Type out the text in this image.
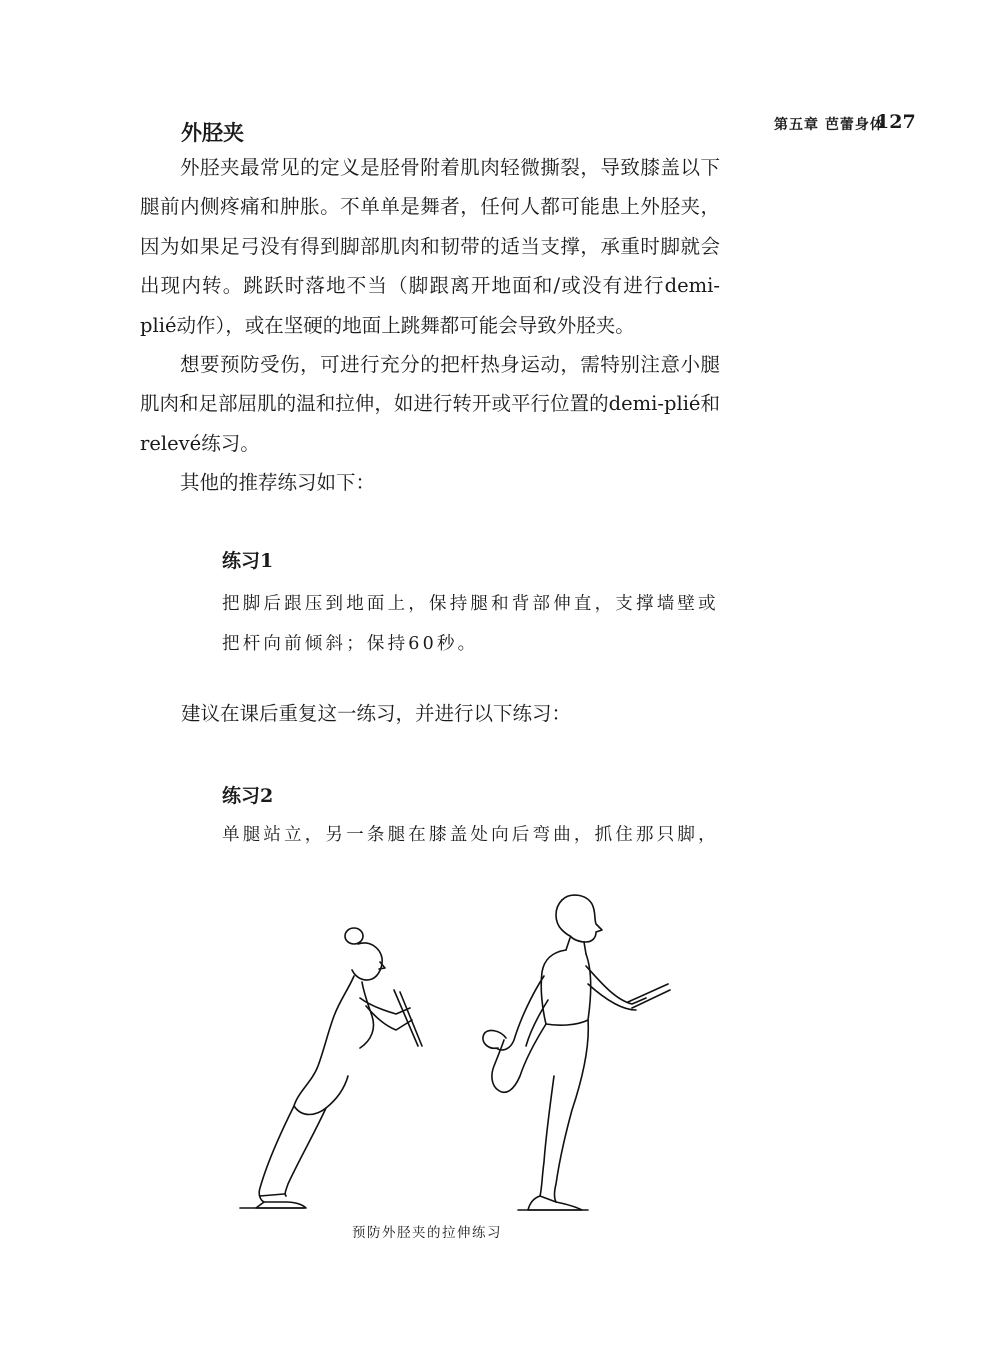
第五章 芭蕾身体
127
外胫夹

外胫夹最常见的定义是胫骨附着肌肉轻微撕裂，导致膝盖以下腿前内侧疼痛和肿胀。不单单是舞者，任何人都可能患上外胫夹，因为如果足弓没有得到脚部肌肉和韧带的适当支撑，承重时脚就会出现内转。跳跃时落地不当（脚跟离开地面和/或没有进行demi-plié动作），或在坚硬的地面上跳舞都可能会导致外胫夹。

想要预防受伤，可进行充分的把杆热身运动，需特别注意小腿肌肉和足部屈肌的温和拉伸，如进行转开或平行位置的demi-plié和relevé练习。

其他的推荐练习如下：

练习1
把脚后跟压到地面上，保持腿和背部伸直，支撑墙壁或把杆向前倾斜；保持60秒。
建议在课后重复这一练习，并进行以下练习：
练习2
单腿站立，另一条腿在膝盖处向后弯曲，抓住那只脚，
预防外胫夹的拉伸练习
